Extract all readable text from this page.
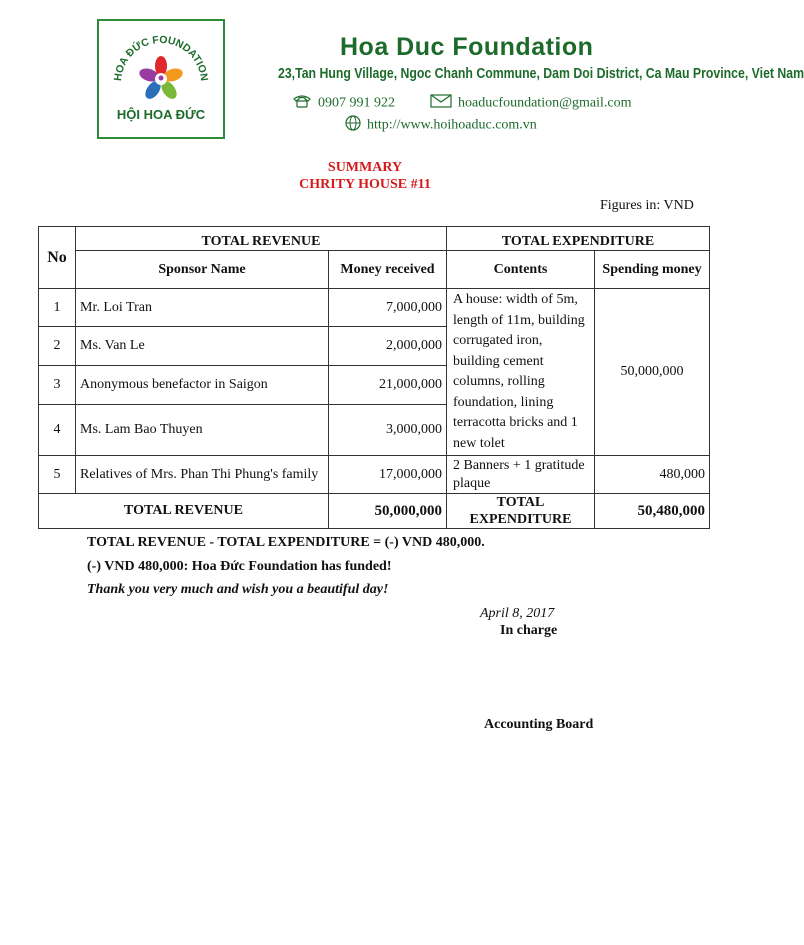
HOA ĐỨC FOUNDATION
HỘI HOA ĐỨC
Hoa Duc Foundation
23,Tan Hung Village, Ngoc Chanh Commune, Dam Doi District, Ca Mau Province, Viet Nam
0907 991 922	hoaducfoundation@gmail.com
http://www.hoihoaduc.com.vn
SUMMARY
CHRITY HOUSE #11
Figures in: VND
No	TOTAL REVENUE		TOTAL EXPENDITURE	
	Sponsor Name	Money received	Contents	Spending money
1	Mr. Loi Tran	7,000,000	A house: width of 5m, length of 11m, building corrugated iron, building cement columns, rolling foundation, lining terracotta bricks and 1 new tolet	50,000,000
2	Ms. Van Le	2,000,000		
3	Anonymous benefactor in Saigon	21,000,000		
4	Ms. Lam Bao Thuyen	3,000,000		
5	Relatives of Mrs. Phan Thi Phung's family	17,000,000	2 Banners + 1 gratitude plaque	480,000
TOTAL REVENUE		50,000,000	TOTAL EXPENDITURE	50,480,000
TOTAL REVENUE - TOTAL EXPENDITURE = (-) VND 480,000.
(-) VND 480,000: Hoa Đức Foundation has funded!
Thank you very much and wish you a beautiful day!
April 8, 2017
In charge
Accounting Board
